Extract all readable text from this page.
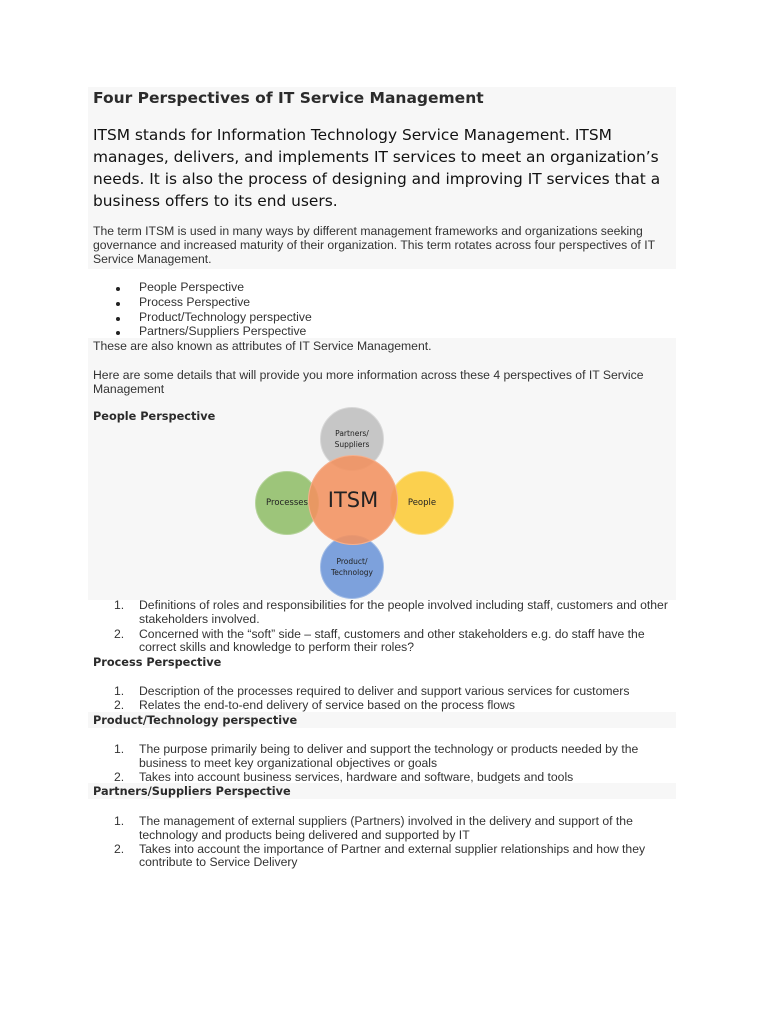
Four Perspectives of IT Service Management
ITSM stands for Information Technology Service Management. ITSM manages, delivers, and implements IT services to meet an organization’s needs. It is also the process of designing and improving IT services that a business offers to its end users.
The term ITSM is used in many ways by different management frameworks and organizations seeking governance and increased maturity of their organization. This term rotates across four perspectives of IT Service Management.
People Perspective
Process Perspective
Product/Technology perspective
Partners/Suppliers Perspective
These are also known as attributes of IT Service Management.
Here are some details that will provide you more information across these 4 perspectives of IT Service Management
People Perspective
Partners/ Suppliers
Processes	People
Product/ Technology
ITSM
1. Definitions of roles and responsibilities for the people involved including staff, customers and other stakeholders involved.
2. Concerned with the “soft” side – staff, customers and other stakeholders e.g. do staff have the correct skills and knowledge to perform their roles?
Process Perspective
1. Description of the processes required to deliver and support various services for customers
2. Relates the end-to-end delivery of service based on the process flows
Product/Technology perspective
1. The purpose primarily being to deliver and support the technology or products needed by the business to meet key organizational objectives or goals
2. Takes into account business services, hardware and software, budgets and tools
Partners/Suppliers Perspective
1. The management of external suppliers (Partners) involved in the delivery and support of the technology and products being delivered and supported by IT
2. Takes into account the importance of Partner and external supplier relationships and how they contribute to Service Delivery
